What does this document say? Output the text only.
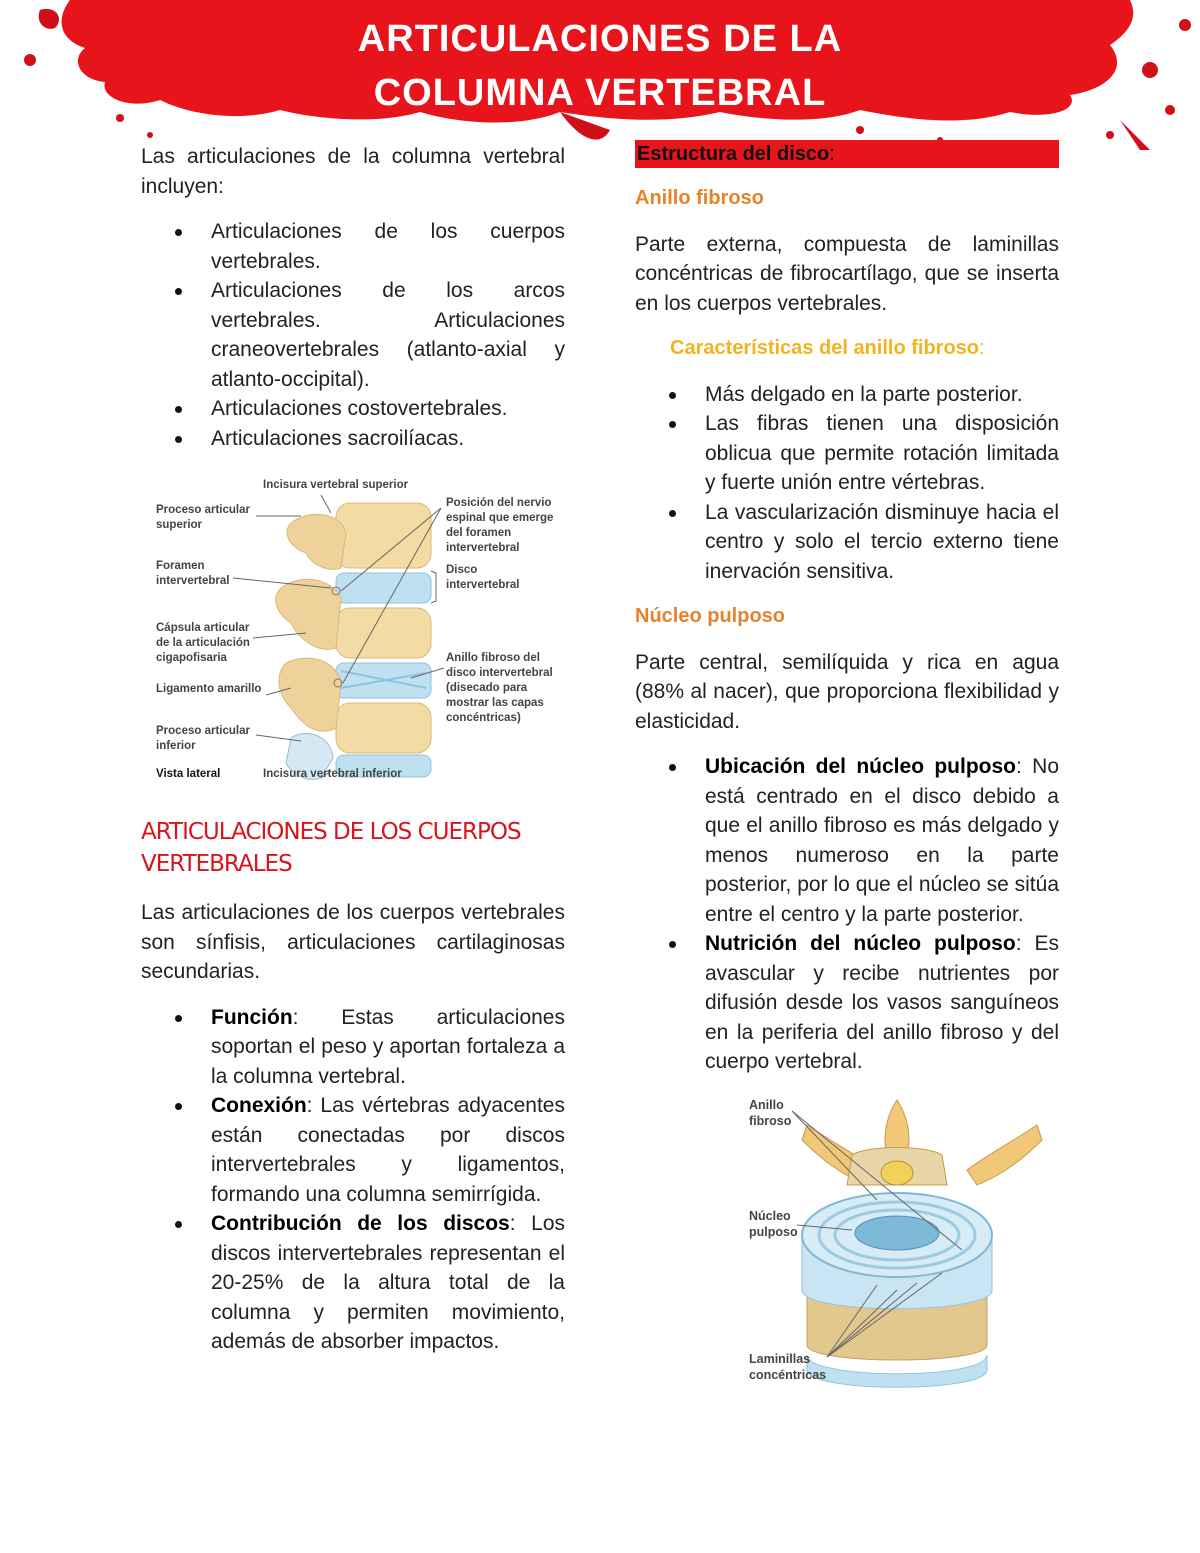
ARTICULACIONES DE LA
COLUMNA VERTEBRAL

Las articulaciones de la columna vertebral incluyen:

Articulaciones de los cuerpos vertebrales.
Articulaciones de los arcos vertebrales. Articulaciones craneovertebrales (atlanto-axial y atlanto-occipital).
Articulaciones costovertebrales.
Articulaciones sacroilíacas.
Incisura vertebral superior
Proceso articular
superior
Foramen
intervertebral
Cápsula articular
de la articulación
cigapofisaria
Ligamento amarillo
Proceso articular
inferior
Vista lateral	Incisura vertebral inferior
Posición del nervio
espinal que emerge
del foramen
intervertebral
Disco
intervertebral
Anillo fibroso del
disco intervertebral
(disecado para
mostrar las capas
concéntricas)
ARTICULACIONES DE LOS CUERPOS VERTEBRALES

Las articulaciones de los cuerpos vertebrales son sínfisis, articulaciones cartilaginosas secundarias.

Función: Estas articulaciones soportan el peso y aportan fortaleza a la columna vertebral.
Conexión: Las vértebras adyacentes están conectadas por discos intervertebrales y ligamentos, formando una columna semirrígida.
Contribución de los discos: Los discos intervertebrales representan el 20-25% de la altura total de la columna y permiten movimiento, además de absorber impactos.
Estructura del disco:

Anillo fibroso

Parte externa, compuesta de laminillas concéntricas de fibrocartílago, que se inserta en los cuerpos vertebrales.

Características del anillo fibroso:

Más delgado en la parte posterior.
Las fibras tienen una disposición oblicua que permite rotación limitada y fuerte unión entre vértebras.
La vascularización disminuye hacia el centro y solo el tercio externo tiene inervación sensitiva.

Núcleo pulposo

Parte central, semilíquida y rica en agua (88% al nacer), que proporciona flexibilidad y elasticidad.

Ubicación del núcleo pulposo: No está centrado en el disco debido a que el anillo fibroso es más delgado y menos numeroso en la parte posterior, por lo que el núcleo se sitúa entre el centro y la parte posterior.
Nutrición del núcleo pulposo: Es avascular y recibe nutrientes por difusión desde los vasos sanguíneos en la periferia del anillo fibroso y del cuerpo vertebral.
Anillo
fibroso
Núcleo
pulposo
Laminillas
concéntricas
